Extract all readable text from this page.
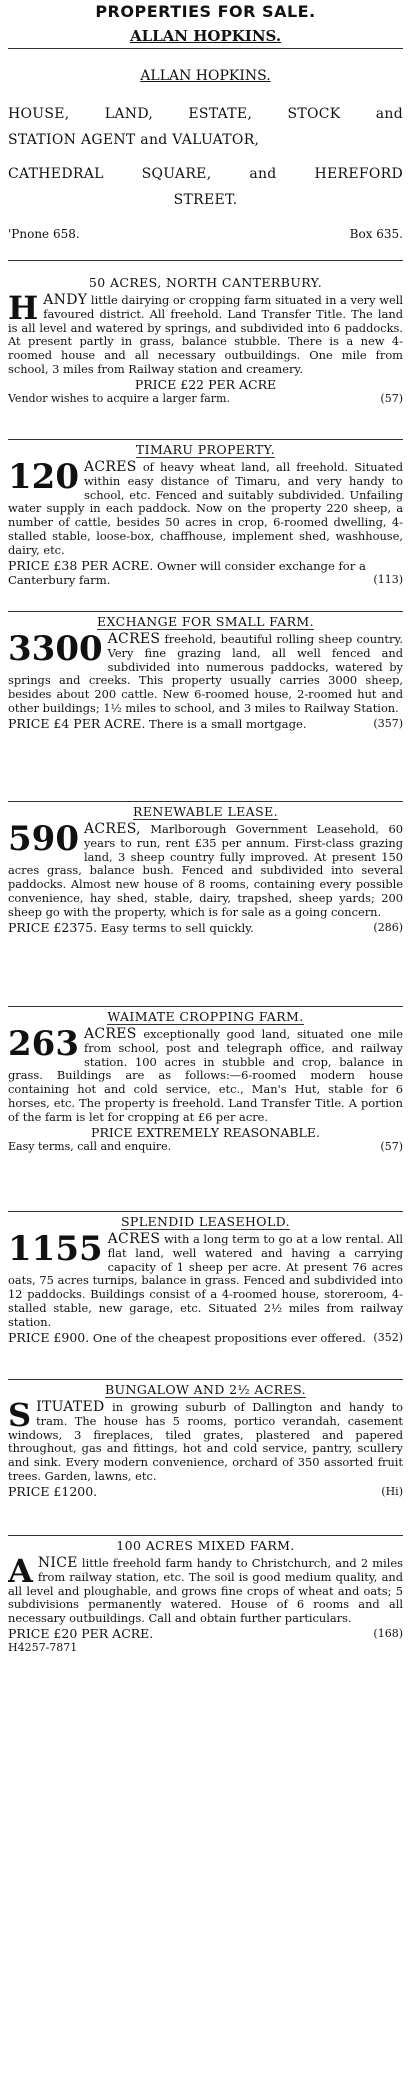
PROPERTIES FOR SALE.
ALLAN HOPKINS.
ALLAN HOPKINS.
HOUSE, LAND, ESTATE, STOCK and
STATION AGENT and VALUATOR,
CATHEDRAL SQUARE, and HEREFORD
STREET.
'Pnone 658.	Box 635.
50 ACRES, NORTH CANTERBURY.
H ANDY little dairying or cropping farm situated in a very well favoured district. All freehold. Land Transfer Title. The land is all level and watered by springs, and subdivided into 6 paddocks. At present partly in grass, balance stubble. There is a new 4-roomed house and all necessary outbuildings. One mile from school, 3 miles from Railway station and creamery.
PRICE £22 PER ACRE
Vendor wishes to acquire a larger farm.	(57)
TIMARU PROPERTY.
120 ACRES of heavy wheat land, all freehold. Situated within easy distance of Timaru, and very handy to school, etc. Fenced and suitably subdivided. Unfailing water supply in each paddock. Now on the property 220 sheep, a number of cattle, besides 50 acres in crop, 6-roomed dwelling, 4-stalled stable, loose-box, chaffhouse, implement shed, washhouse, dairy, etc.
PRICE £38 PER ACRE. Owner will consider exchange for a Canterbury farm.	(113)
EXCHANGE FOR SMALL FARM.
3300 ACRES freehold, beautiful rolling sheep country. Very fine grazing land, all well fenced and subdivided into numerous paddocks, watered by springs and creeks. This property usually carries 3000 sheep, besides about 200 cattle. New 6-roomed house, 2-roomed hut and other buildings; 1½ miles to school, and 3 miles to Railway Station.
PRICE £4 PER ACRE. There is a small mortgage.	(357)
RENEWABLE LEASE.
590 ACRES, Marlborough Government Leasehold, 60 years to run, rent £35 per annum. First-class grazing land, 3 sheep country fully improved. At present 150 acres grass, balance bush. Fenced and subdivided into several paddocks. Almost new house of 8 rooms, containing every possible convenience, hay shed, stable, dairy, trapshed, sheep yards; 200 sheep go with the property, which is for sale as a going concern.
PRICE £2375. Easy terms to sell quickly.	(286)
WAIMATE CROPPING FARM.
263 ACRES exceptionally good land, situated one mile from school, post and telegraph office, and railway station. 100 acres in stubble and crop, balance in grass. Buildings are as follows:—6-roomed modern house containing hot and cold service, etc., Man's Hut, stable for 6 horses, etc. The property is freehold. Land Transfer Title. A portion of the farm is let for cropping at £6 per acre.
PRICE EXTREMELY REASONABLE.
Easy terms, call and enquire.	(57)
SPLENDID LEASEHOLD.
1155 ACRES with a long term to go at a low rental. All flat land, well watered and having a carrying capacity of 1 sheep per acre. At present 76 acres oats, 75 acres turnips, balance in grass. Fenced and subdivided into 12 paddocks. Buildings consist of a 4-roomed house, storeroom, 4-stalled stable, new garage, etc. Situated 2½ miles from railway station.
PRICE £900. One of the cheapest propositions ever offered. (352)
BUNGALOW AND 2½ ACRES.
S ITUATED in growing suburb of Dallington and handy to tram. The house has 5 rooms, portico verandah, casement windows, 3 fireplaces, tiled grates, plastered and papered throughout, gas and fittings, hot and cold service, pantry, scullery and sink. Every modern convenience, orchard of 350 assorted fruit trees. Garden, lawns, etc.
PRICE £1200.	(Hi)
100 ACRES MIXED FARM.
A NICE little freehold farm handy to Christchurch, and 2 miles from railway station, etc. The soil is good medium quality, and all level and ploughable, and grows fine crops of wheat and oats; 5 subdivisions permanently watered. House of 6 rooms and all necessary outbuildings. Call and obtain further particulars.
PRICE £20 PER ACRE.	(168)
H4257-7871
